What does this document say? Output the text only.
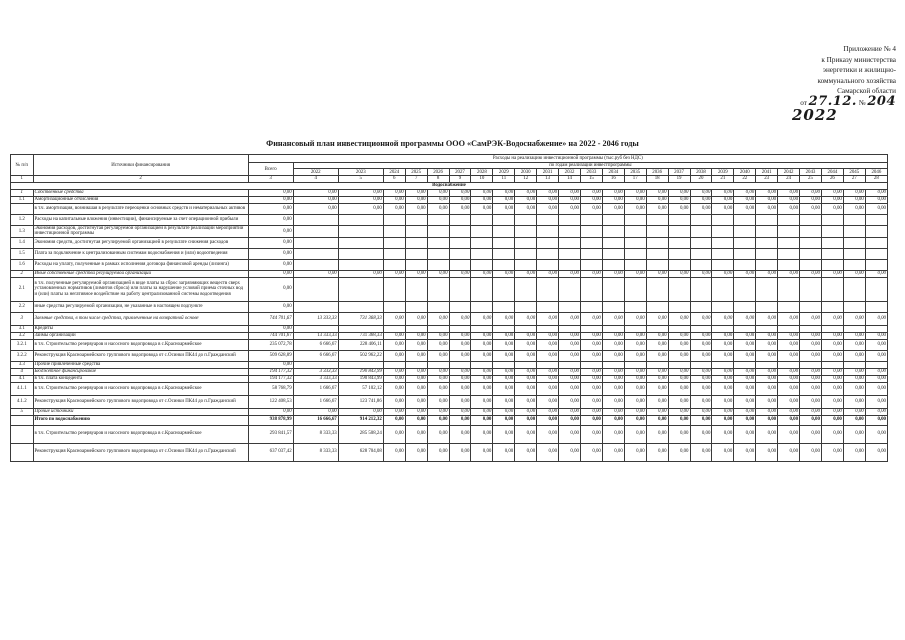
Приложение № 4
к Приказу министерства
энергетики и жилищно-
коммунального хозяйства
Самарской области
от 27.12. № 204
2022
Финансовый план инвестиционной программы ООО «СамРЭК-Водоснабжение» на 2022 - 2046 годы
№ п/п	Источники финансирования	Расходы на реализацию инвестиционной программы (тыс.руб без НДС)																									
		Всего	по годам реализации инвестпрограммы																								
			2022	2023	2024	2025	2026	2027	2028	2029	2030	2031	2032	2033	2034	2035	2036	2037	2038	2039	2040	2041	2042	2043	2044	2045	2046
1	2	3	4	5	6	7	8	9	10	11	12	13	14	15	16	17	18	19	20	21	22	23	24	25	26	27	28
Водоснабжение																											
1	Собственные средства	0,00	0,00	0,00	0,00	0,00	0,00	0,00	0,00	0,00	0,00	0,00	0,00	0,00	0,00	0,00	0,00	0,00	0,00	0,00	0,00	0,00	0,00	0,00	0,00	0,00	0,00
1.1	Амортизационные отчисления	0,00	0,00	0,00	0,00	0,00	0,00	0,00	0,00	0,00	0,00	0,00	0,00	0,00	0,00	0,00	0,00	0,00	0,00	0,00	0,00	0,00	0,00	0,00	0,00	0,00	0,00
	в т.ч. амортизация, возникшая в результате переоценки основных средств и нематериальных активов	0,00	0,00	0,00	0,00	0,00	0,00	0,00	0,00	0,00	0,00	0,00	0,00	0,00	0,00	0,00	0,00	0,00	0,00	0,00	0,00	0,00	0,00	0,00	0,00	0,00	0,00
1.2	Расходы на капитальные вложения (инвестиции), финансируемые за счет операционной прибыли	0,00																									
1.3	Экономия расходов, достигнутая регулируемой организацией в результате реализации мероприятий инвестиционной программы	0,00																									
1.4	Экономия средств, достигнутая регулируемой организацией в результате снижения расходов	0,00																									
1.5	Плата за подключение к централизованным системам водоснабжения и (или) водоотведения	0,00																									
1.6	Расходы на уплату, полученные в рамках исполнения договора финансовой аренды (лизинга)	0,00																									
2	Иные собственные средства регулируемой организации	0,00	0,00	0,00	0,00	0,00	0,00	0,00	0,00	0,00	0,00	0,00	0,00	0,00	0,00	0,00	0,00	0,00	0,00	0,00	0,00	0,00	0,00	0,00	0,00	0,00	0,00
2.1	в т.ч. полученные регулируемой организацией в виде платы за сброс загрязняющих веществ сверх установленных нормативов (лимитов сброса) или платы за нарушение условий приема сточных вод и (или) платы за негативное воздействие на работу централизованной системы водоотведения	0,00																									
2.2	иные средства регулируемой организации, не указанные в настоящем подпункте	0,00																									
3	Заемные средства, в том числе средства, привлеченные на возвратной основе	744 701,67	13 333,33	731 368,33	0,00	0,00	0,00	0,00	0,00	0,00	0,00	0,00	0,00	0,00	0,00	0,00	0,00	0,00	0,00	0,00	0,00	0,00	0,00	0,00	0,00	0,00	0,00
3.1	Кредиты	0,00																									
3.2	Займы организаций	744 701,67	13 333,33	731 368,33	0,00	0,00	0,00	0,00	0,00	0,00	0,00	0,00	0,00	0,00	0,00	0,00	0,00	0,00	0,00	0,00	0,00	0,00	0,00	0,00	0,00	0,00	0,00
3.2.1	в т.ч. Строительство резервуаров и насосного водопровода в с.Красноармейское	235 072,78	6 666,67	228 406,11	0,00	0,00	0,00	0,00	0,00	0,00	0,00	0,00	0,00	0,00	0,00	0,00	0,00	0,00	0,00	0,00	0,00	0,00	0,00	0,00	0,00	0,00	0,00
3.2.2	Реконструкция Красноармейского группового водопровода от с.Осинки ПК44 до п.Гражданский	509 628,89	6 666,67	502 962,22	0,00	0,00	0,00	0,00	0,00	0,00	0,00	0,00	0,00	0,00	0,00	0,00	0,00	0,00	0,00	0,00	0,00	0,00	0,00	0,00	0,00	0,00	0,00
3.3	Прочие привлеченные средства	0,00																									
4	Бюджетное финансирование	194 177,32	3 333,33	190 843,99	0,00	0,00	0,00	0,00	0,00	0,00	0,00	0,00	0,00	0,00	0,00	0,00	0,00	0,00	0,00	0,00	0,00	0,00	0,00	0,00	0,00	0,00	0,00
4.1	в т.ч. плата концедента	194 177,32	3 333,33	190 843,99	0,00	0,00	0,00	0,00	0,00	0,00	0,00	0,00	0,00	0,00	0,00	0,00	0,00	0,00	0,00	0,00	0,00	0,00	0,00	0,00	0,00	0,00	0,00
4.1.1	в т.ч. Строительство резервуаров и насосного водопровода в с.Красноармейское	58 768,79	1 666,67	57 102,12	0,00	0,00	0,00	0,00	0,00	0,00	0,00	0,00	0,00	0,00	0,00	0,00	0,00	0,00	0,00	0,00	0,00	0,00	0,00	0,00	0,00	0,00	0,00
4.1.2	Реконструкция Красноармейского группового водопровода от с.Осинки ПК44 до п.Гражданский	122 408,53	1 666,67	123 741,86	0,00	0,00	0,00	0,00	0,00	0,00	0,00	0,00	0,00	0,00	0,00	0,00	0,00	0,00	0,00	0,00	0,00	0,00	0,00	0,00	0,00	0,00	0,00
5	Прочие источники	0,00	0,00	0,00	0,00	0,00	0,00	0,00	0,00	0,00	0,00	0,00	0,00	0,00	0,00	0,00	0,00	0,00	0,00	0,00	0,00	0,00	0,00	0,00	0,00	0,00	0,00
	Итого по водоснабжению	938 878,99	16 666,67	914 212,32	0,00	0,00	0,00	0,00	0,00	0,00	0,00	0,00	0,00	0,00	0,00	0,00	0,00	0,00	0,00	0,00	0,00	0,00	0,00	0,00	0,00	0,00	0,00
	в т.ч. Строительство резервуаров и насосного водопровода в с.Красноармейское	293 841,57	8 333,33	285 508,24	0,00	0,00	0,00	0,00	0,00	0,00	0,00	0,00	0,00	0,00	0,00	0,00	0,00	0,00	0,00	0,00	0,00	0,00	0,00	0,00	0,00	0,00	0,00
	Реконструкция Красноармейского группового водопровода от с.Осинки ПК44 до п.Гражданский	637 037,42	8 333,33	628 704,08	0,00	0,00	0,00	0,00	0,00	0,00	0,00	0,00	0,00	0,00	0,00	0,00	0,00	0,00	0,00	0,00	0,00	0,00	0,00	0,00	0,00	0,00	0,00
